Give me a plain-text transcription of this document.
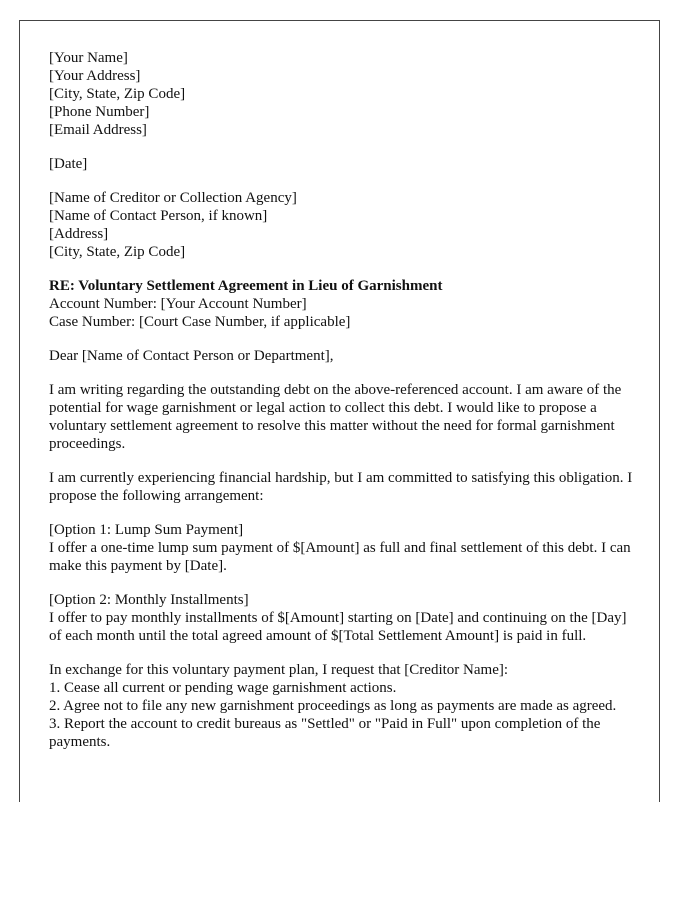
[Your Name]
[Your Address]
[City, State, Zip Code]
[Phone Number]
[Email Address]
[Date]
[Name of Creditor or Collection Agency]
[Name of Contact Person, if known]
[Address]
[City, State, Zip Code]
RE: Voluntary Settlement Agreement in Lieu of Garnishment
Account Number: [Your Account Number]
Case Number: [Court Case Number, if applicable]
Dear [Name of Contact Person or Department],
I am writing regarding the outstanding debt on the above-referenced account. I am aware of the potential for wage garnishment or legal action to collect this debt. I would like to propose a voluntary settlement agreement to resolve this matter without the need for formal garnishment proceedings.
I am currently experiencing financial hardship, but I am committed to satisfying this obligation. I propose the following arrangement:
[Option 1: Lump Sum Payment]
I offer a one-time lump sum payment of $[Amount] as full and final settlement of this debt. I can make this payment by [Date].
[Option 2: Monthly Installments]
I offer to pay monthly installments of $[Amount] starting on [Date] and continuing on the [Day] of each month until the total agreed amount of $[Total Settlement Amount] is paid in full.
In exchange for this voluntary payment plan, I request that [Creditor Name]:
1. Cease all current or pending wage garnishment actions.
2. Agree not to file any new garnishment proceedings as long as payments are made as agreed.
3. Report the account to credit bureaus as "Settled" or "Paid in Full" upon completion of the payments.
